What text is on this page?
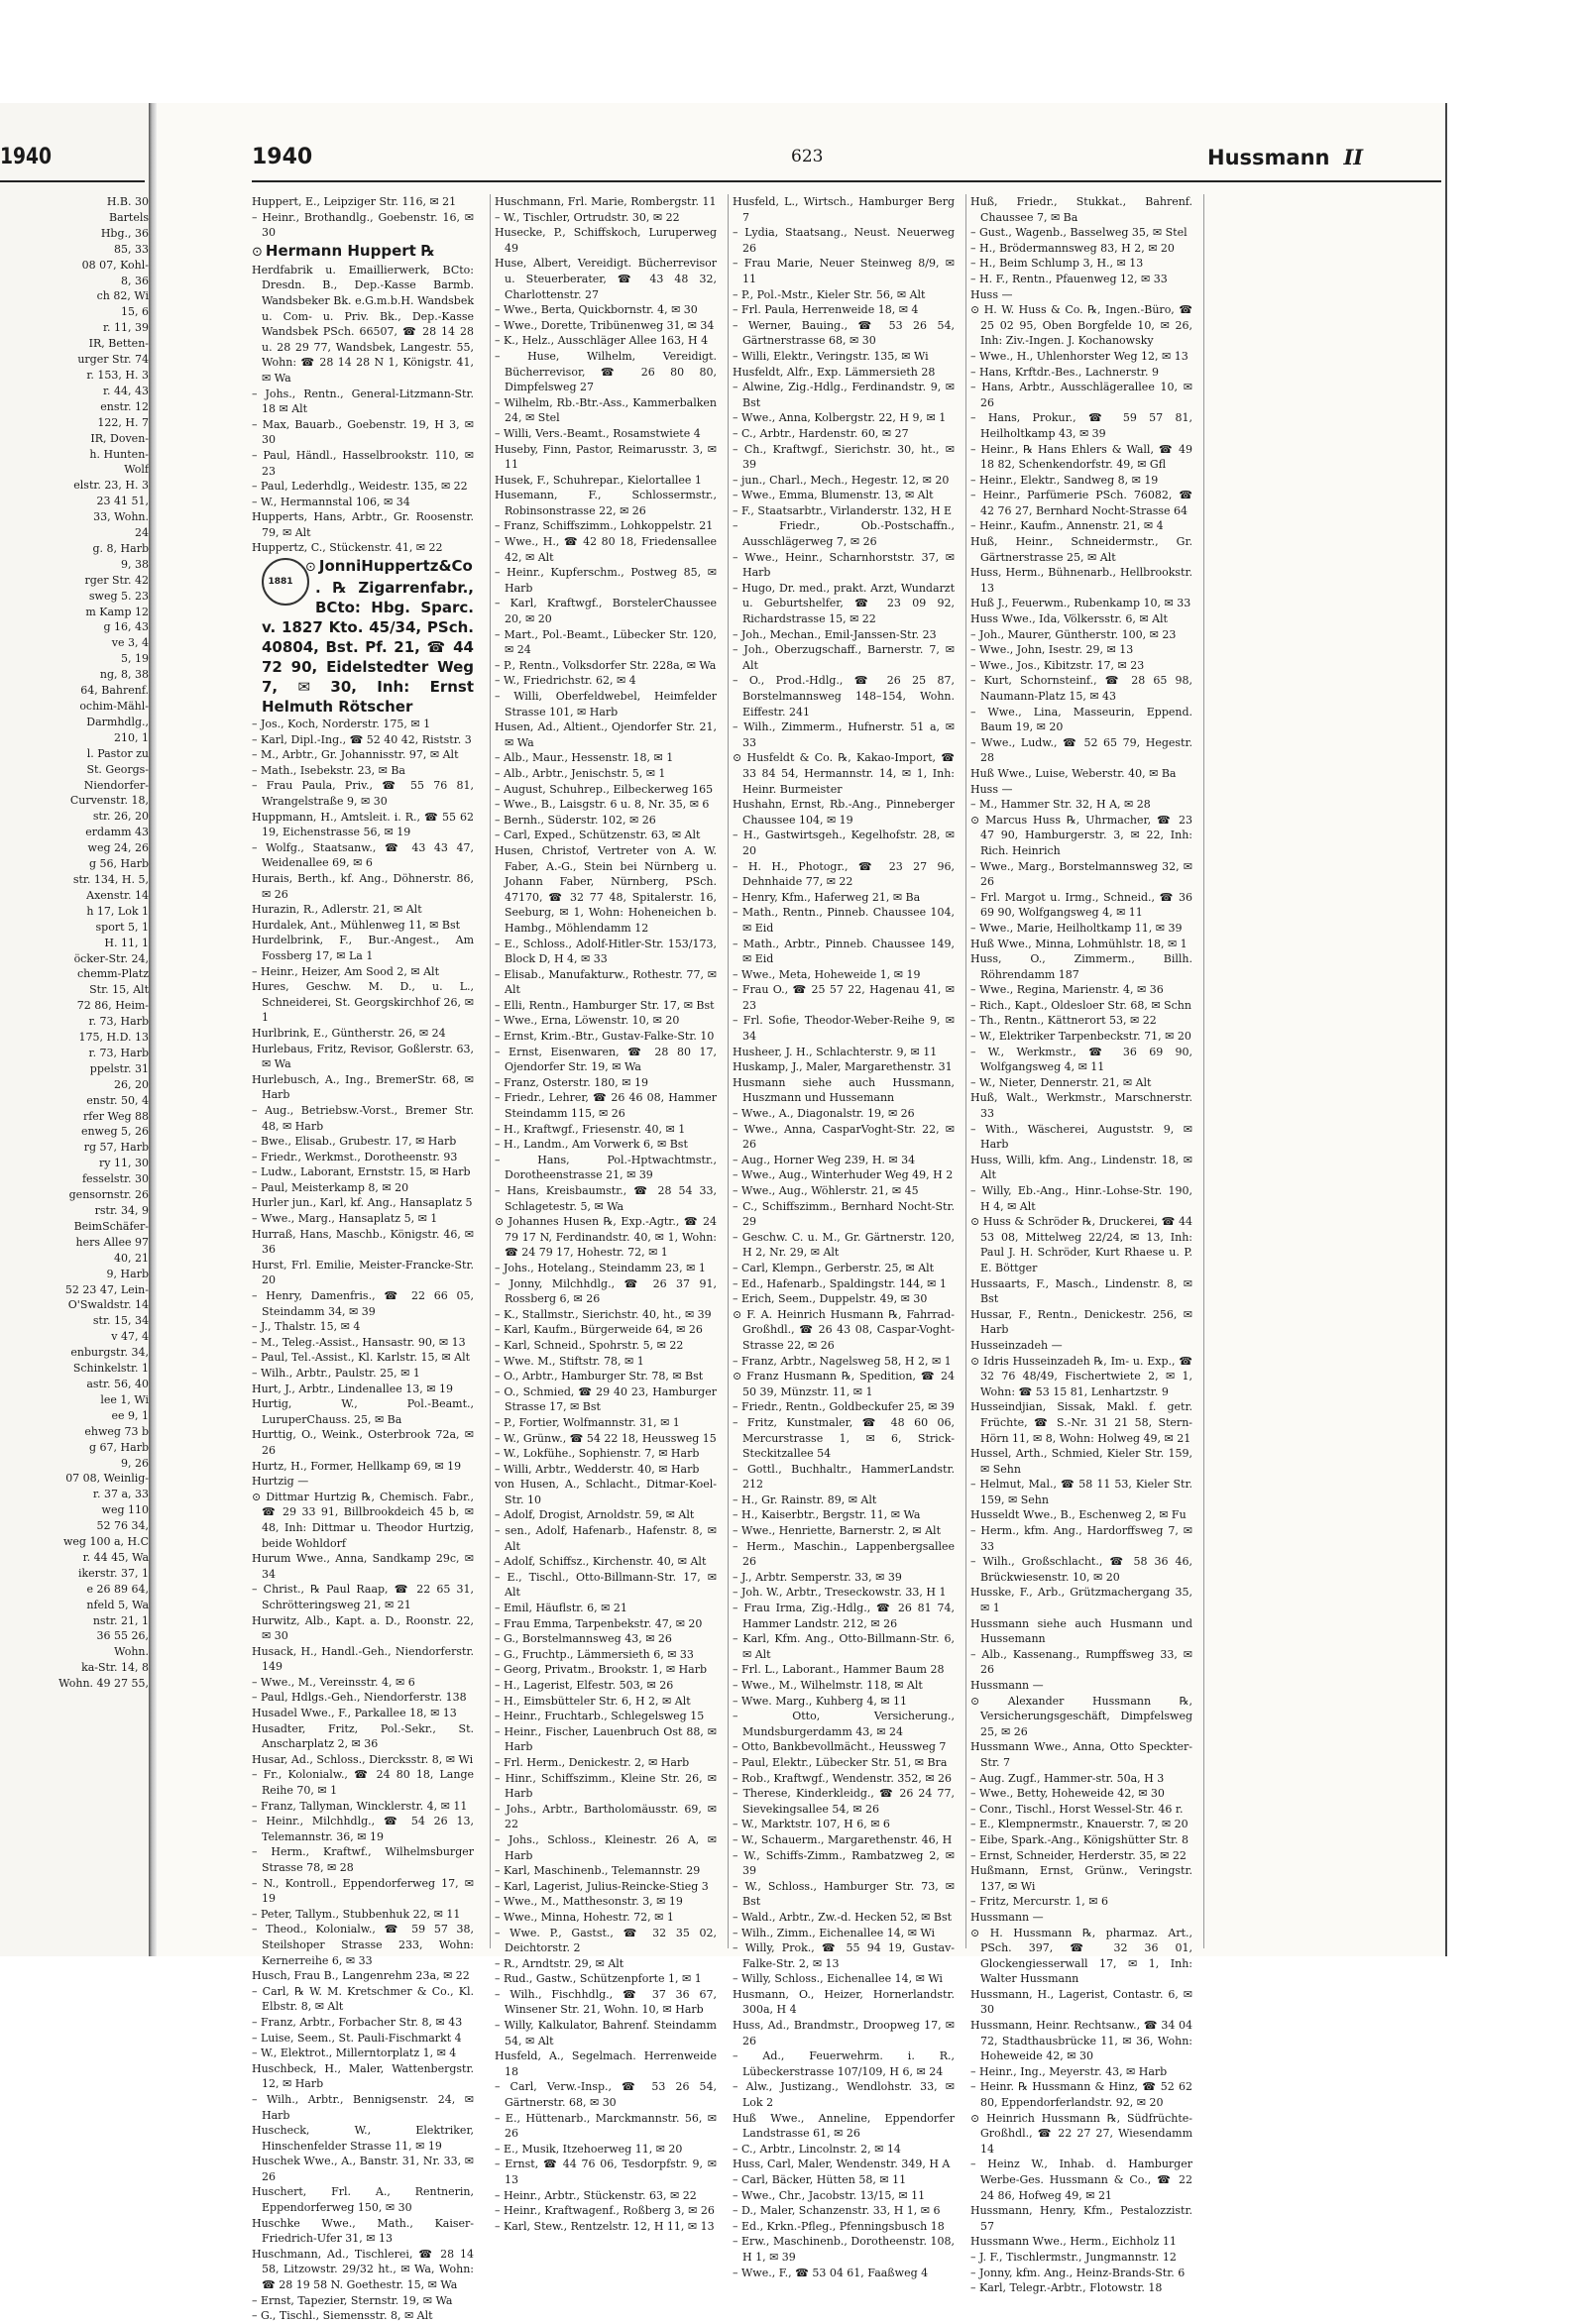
1940
H.B. 30
Bartels
Hbg., 36
85, 33
08 07, Kohl-
8, 36
ch 82, Wi
15, 6
r. 11, 39
IR, Betten-
urger Str. 74
r. 153, H. 3
r. 44, 43
enstr. 12
122, H. 7
IR, Doven-
h. Hunten-
Wolf
elstr. 23, H. 3
23 41 51,
33, Wohn.
24
g. 8, Harb
9, 38
rger Str. 42
sweg 5. 23
m Kamp 12
g 16, 43
ve 3, 4
5, 19
ng, 8, 38
64, Bahrenf.
ochim-Mähl-
Darmhdlg.,
210, 1
l. Pastor zu
St. Georgs-
Niendorfer-
Curvenstr. 18,
str. 26, 20
erdamm 43
weg 24, 26
g 56, Harb
str. 134, H. 5,
Axenstr. 14
h 17, Lok 1
sport 5, 1
H. 11, 1
öcker-Str. 24,
chemm-Platz
Str. 15, Alt
72 86, Heim-
r. 73, Harb
175, H.D. 13
r. 73, Harb
ppelstr. 31
26, 20
enstr. 50, 4
rfer Weg 88
enweg 5, 26
rg 57, Harb
ry 11, 30
fesselstr. 30
gensornstr. 26
rstr. 34, 9
BeimSchäfer-
hers Allee 97
40, 21
9, Harb
52 23 47, Lein-
O'Swaldstr. 14
str. 15, 34
v 47, 4
enburgstr. 34,
Schinkelstr. 1
astr. 56, 40
lee 1, Wi
ee 9, 1
ehweg 73 b
g 67, Harb
9, 26
07 08, Weinlig-
r. 37 a, 33
weg 110
52 76 34,
weg 100 a, H.C
r. 44 45, Wa
ikerstr. 37, 1
e 26 89 64,
nfeld 5, Wa
nstr. 21, 1
36 55 26,
Wohn.
ka-Str. 14, 8
Wohn. 49 27 55,
1940	623	Hussmann II

Huppert, E., Leipziger Str. 116, ✉ 21

– Heinr., Brothandlg., Goebenstr. 16, ✉ 30

⊙ Hermann Huppert ℞

Herdfabrik u. Emaillierwerk, BCto: Dresdn. B., Dep.-Kasse Barmb. Wandsbeker Bk. e.G.m.b.H. Wandsbek u. Com- u. Priv. Bk., Dep.-Kasse Wandsbek PSch. 66507, ☎ 28 14 28 u. 28 29 77, Wandsbek, Langestr. 55, Wohn: ☎ 28 14 28 N 1, Königstr. 41, ✉ Wa

– Johs., Rentn., General-Litzmann-Str. 18 ✉ Alt

– Max, Bauarb., Goebenstr. 19, H 3, ✉ 30

– Paul, Händl., Hasselbrookstr. 110, ✉ 23

– Paul, Lederhdlg., Weidestr. 135, ✉ 22

– W., Hermannstal 106, ✉ 34

Hupperts, Hans, Arbtr., Gr. Roosenstr. 79, ✉ Alt

Huppertz, C., Stückenstr. 41, ✉ 22

1881
⊙ JonniHuppertz&Co. ℞ Zigarrenfabr., BCto: Hbg. Sparc. v. 1827 Kto. 45/34, PSch. 40804, Bst. Pf. 21, ☎ 44 72 90, Eidelstedter Weg 7, ✉ 30, Inh: Ernst Helmuth Rötscher

– Jos., Koch, Norderstr. 175, ✉ 1

– Karl, Dipl.-Ing., ☎ 52 40 42, Riststr. 3

– M., Arbtr., Gr. Johannisstr. 97, ✉ Alt

– Math., Isebekstr. 23, ✉ Ba

– Frau Paula, Priv., ☎ 55 76 81, Wrangelstraße 9, ✉ 30

Huppmann, H., Amtsleit. i. R., ☎ 55 62 19, Eichenstrasse 56, ✉ 19

– Wolfg., Staatsanw., ☎ 43 43 47, Weidenallee 69, ✉ 6

Hurais, Berth., kf. Ang., Döhnerstr. 86, ✉ 26

Hurazin, R., Adlerstr. 21, ✉ Alt

Hurdalek, Ant., Mühlenweg 11, ✉ Bst

Hurdelbrink, F., Bur.-Angest., Am Fossberg 17, ✉ La 1

– Heinr., Heizer, Am Sood 2, ✉ Alt

Hures, Geschw. M. D., u. L., Schneiderei, St. Georgskirchhof 26, ✉ 1

Hurlbrink, E., Güntherstr. 26, ✉ 24

Hurlebaus, Fritz, Revisor, Goßlerstr. 63, ✉ Wa

Hurlebusch, A., Ing., BremerStr. 68, ✉ Harb

– Aug., Betriebsw.-Vorst., Bremer Str. 48, ✉ Harb

– Bwe., Elisab., Grubestr. 17, ✉ Harb

– Friedr., Werkmst., Dorotheenstr. 93

– Ludw., Laborant, Ernststr. 15, ✉ Harb

– Paul, Meisterkamp 8, ✉ 20

Hurler jun., Karl, kf. Ang., Hansaplatz 5

– Wwe., Marg., Hansaplatz 5, ✉ 1

Hurraß, Hans, Maschb., Königstr. 46, ✉ 36

Hurst, Frl. Emilie, Meister-Francke-Str. 20

– Henry, Damenfris., ☎ 22 66 05, Steindamm 34, ✉ 39

– J., Thalstr. 15, ✉ 4

– M., Teleg.-Assist., Hansastr. 90, ✉ 13

– Paul, Tel.-Assist., Kl. Karlstr. 15, ✉ Alt

– Wilh., Arbtr., Paulstr. 25, ✉ 1

Hurt, J., Arbtr., Lindenallee 13, ✉ 19

Hurtig, W., Pol.-Beamt., LuruperChauss. 25, ✉ Ba

Hurttig, O., Weink., Osterbrook 72a, ✉ 26

Hurtz, H., Former, Hellkamp 69, ✉ 19

Hurtzig —

⊙ Dittmar Hurtzig ℞, Chemisch. Fabr., ☎ 29 33 91, Billbrookdeich 45 b, ✉ 48, Inh: Dittmar u. Theodor Hurtzig, beide Wohldorf

Hurum Wwe., Anna, Sandkamp 29c, ✉ 34

– Christ., ℞ Paul Raap, ☎ 22 65 31, Schrötteringsweg 21, ✉ 21

Hurwitz, Alb., Kapt. a. D., Roonstr. 22, ✉ 30

Husack, H., Handl.-Geh., Niendorferstr. 149

– Wwe., M., Vereinsstr. 4, ✉ 6

– Paul, Hdlgs.-Geh., Niendorferstr. 138

Husadel Wwe., F., Parkallee 18, ✉ 13

Husadter, Fritz, Pol.-Sekr., St. Anscharplatz 2, ✉ 36

Husar, Ad., Schloss., Diercksstr. 8, ✉ Wi

– Fr., Kolonialw., ☎ 24 80 18, Lange Reihe 70, ✉ 1

– Franz, Tallyman, Wincklerstr. 4, ✉ 11

– Heinr., Milchhdlg., ☎ 54 26 13, Telemannstr. 36, ✉ 19

– Herm., Kraftwf., Wilhelmsburger Strasse 78, ✉ 28

– N., Kontroll., Eppendorferweg 17, ✉ 19

– Peter, Tallym., Stubbenhuk 22, ✉ 11

– Theod., Kolonialw., ☎ 59 57 38, Steilshoper Strasse 233, Wohn: Kernerreihe 6, ✉ 33

Husch, Frau B., Langenrehm 23a, ✉ 22

– Carl, ℞ W. M. Kretschmer & Co., Kl. Elbstr. 8, ✉ Alt

– Franz, Arbtr., Forbacher Str. 8, ✉ 43

– Luise, Seem., St. Pauli-Fischmarkt 4

– W., Elektrot., Millerntorplatz 1, ✉ 4

Huschbeck, H., Maler, Wattenbergstr. 12, ✉ Harb

– Wilh., Arbtr., Bennigsenstr. 24, ✉ Harb

Huscheck, W., Elektriker, Hinschenfelder Strasse 11, ✉ 19

Huschek Wwe., A., Banstr. 31, Nr. 33, ✉ 26

Huschert, Frl. A., Rentnerin, Eppendorferweg 150, ✉ 30

Huschke Wwe., Math., Kaiser-Friedrich-Ufer 31, ✉ 13

Huschmann, Ad., Tischlerei, ☎ 28 14 58, Litzowstr. 29/32 ht., ✉ Wa, Wohn: ☎ 28 19 58 N. Goethestr. 15, ✉ Wa

– Ernst, Tapezier, Sternstr. 19, ✉ Wa

– G., Tischl., Siemensstr. 8, ✉ Alt

Huschmann, Frl. Marie, Rombergstr. 11

– W., Tischler, Ortrudstr. 30, ✉ 22

Husecke, P., Schiffskoch, Luruperweg 49

Huse, Albert, Vereidigt. Bücherrevisor u. Steuerberater, ☎ 43 48 32, Charlottenstr. 27

– Wwe., Berta, Quickbornstr. 4, ✉ 30

– Wwe., Dorette, Tribünenweg 31, ✉ 34

– K., Helz., Ausschläger Allee 163, H 4

– Huse, Wilhelm, Vereidigt. Bücherrevisor, ☎ 26 80 80, Dimpfelsweg 27

– Wilhelm, Rb.-Btr.-Ass., Kammerbalken 24, ✉ Stel

– Willi, Vers.-Beamt., Rosamstwiete 4

Huseby, Finn, Pastor, Reimarusstr. 3, ✉ 11

Husek, F., Schuhrepar., Kielortallee 1

Husemann, F., Schlossermstr., Robinsonstrasse 22, ✉ 26

– Franz, Schiffszimm., Lohkoppelstr. 21

– Wwe., H., ☎ 42 80 18, Friedensallee 42, ✉ Alt

– Heinr., Kupferschm., Postweg 85, ✉ Harb

– Karl, Kraftwgf., BorstelerChaussee 20, ✉ 20

– Mart., Pol.-Beamt., Lübecker Str. 120, ✉ 24

– P., Rentn., Volksdorfer Str. 228a, ✉ Wa

– W., Friedrichstr. 62, ✉ 4

– Willi, Oberfeldwebel, Heimfelder Strasse 101, ✉ Harb

Husen, Ad., Altient., Ojendorfer Str. 21, ✉ Wa

– Alb., Maur., Hessenstr. 18, ✉ 1

– Alb., Arbtr., Jenischstr. 5, ✉ 1

– August, Schuhrep., Eilbeckerweg 165

– Wwe., B., Laisgstr. 6 u. 8, Nr. 35, ✉ 6

– Bernh., Süderstr. 102, ✉ 26

– Carl, Exped., Schützenstr. 63, ✉ Alt

Husen, Christof, Vertreter von A. W. Faber, A.-G., Stein bei Nürnberg u. Johann Faber, Nürnberg, PSch. 47170, ☎ 32 77 48, Spitalerstr. 16, Seeburg, ✉ 1, Wohn: Hoheneichen b. Hambg., Möhlendamm 12

– E., Schloss., Adolf-Hitler-Str. 153/173, Block D, H 4, ✉ 33

– Elisab., Manufakturw., Rothestr. 77, ✉ Alt

– Elli, Rentn., Hamburger Str. 17, ✉ Bst

– Wwe., Erna, Löwenstr. 10, ✉ 20

– Ernst, Krim.-Btr., Gustav-Falke-Str. 10

– Ernst, Eisenwaren, ☎ 28 80 17, Ojendorfer Str. 19, ✉ Wa

– Franz, Osterstr. 180, ✉ 19

– Friedr., Lehrer, ☎ 26 46 08, Hammer Steindamm 115, ✉ 26

– H., Kraftwgf., Friesenstr. 40, ✉ 1

– H., Landm., Am Vorwerk 6, ✉ Bst

– Hans, Pol.-Hptwachtmstr., Dorotheenstrasse 21, ✉ 39

– Hans, Kreisbaumstr., ☎ 28 54 33, Schlagetestr. 5, ✉ Wa

⊙ Johannes Husen ℞, Exp.-Agtr., ☎ 24 79 17 N, Ferdinandstr. 40, ✉ 1, Wohn: ☎ 24 79 17, Hohestr. 72, ✉ 1

– Johs., Hotelang., Steindamm 23, ✉ 1

– Jonny, Milchhdlg., ☎ 26 37 91, Rossberg 6, ✉ 26

– K., Stallmstr., Sierichstr. 40, ht., ✉ 39

– Karl, Kaufm., Bürgerweide 64, ✉ 26

– Karl, Schneid., Spohrstr. 5, ✉ 22

– Wwe. M., Stiftstr. 78, ✉ 1

– O., Arbtr., Hamburger Str. 78, ✉ Bst

– O., Schmied, ☎ 29 40 23, Hamburger Strasse 17, ✉ Bst

– P., Fortier, Wolfmannstr. 31, ✉ 1

– W., Grünw., ☎ 54 22 18, Heussweg 15

– W., Lokfühe., Sophienstr. 7, ✉ Harb

– Willi, Arbtr., Wedderstr. 40, ✉ Harb

von Husen, A., Schlacht., Ditmar-Koel-Str. 10

– Adolf, Drogist, Arnoldstr. 59, ✉ Alt

– sen., Adolf, Hafenarb., Hafenstr. 8, ✉ Alt

– Adolf, Schiffsz., Kirchenstr. 40, ✉ Alt

– E., Tischl., Otto-Billmann-Str. 17, ✉ Alt

– Emil, Häuflstr. 6, ✉ 21

– Frau Emma, Tarpenbekstr. 47, ✉ 20

– G., Borstelmannsweg 43, ✉ 26

– G., Fruchtp., Lämmersieth 6, ✉ 33

– Georg, Privatm., Brookstr. 1, ✉ Harb

– H., Lagerist, Elfestr. 503, ✉ 26

– H., Eimsbütteler Str. 6, H 2, ✉ Alt

– Heinr., Fruchtarb., Schlegelsweg 15

– Heinr., Fischer, Lauenbruch Ost 88, ✉ Harb

– Frl. Herm., Denickestr. 2, ✉ Harb

– Hinr., Schiffszimm., Kleine Str. 26, ✉ Harb

– Johs., Arbtr., Bartholomäusstr. 69, ✉ 22

– Johs., Schloss., Kleinestr. 26 A, ✉ Harb

– Karl, Maschinenb., Telemannstr. 29

– Karl, Lagerist, Julius-Reincke-Stieg 3

– Wwe., M., Matthesonstr. 3, ✉ 19

– Wwe., Minna, Hohestr. 72, ✉ 1

– Wwe. P., Gastst., ☎ 32 35 02, Deichtorstr. 2

– R., Arndtstr. 29, ✉ Alt

– Rud., Gastw., Schützenpforte 1, ✉ 1

– Wilh., Fischhdlg., ☎ 37 36 67, Winsener Str. 21, Wohn. 10, ✉ Harb

– Willy, Kalkulator, Bahrenf. Steindamm 54, ✉ Alt

Husfeld, A., Segelmach. Herrenweide 18

– Carl, Verw.-Insp., ☎ 53 26 54, Gärtnerstr. 68, ✉ 30

– E., Hüttenarb., Marckmannstr. 56, ✉ 26

– E., Musik, Itzehoerweg 11, ✉ 20

– Ernst, ☎ 44 76 06, Tesdorpfstr. 9, ✉ 13

– Heinr., Arbtr., Stückenstr. 63, ✉ 22

– Heinr., Kraftwagenf., Roßberg 3, ✉ 26

– Karl, Stew., Rentzelstr. 12, H 11, ✉ 13

Husfeld, L., Wirtsch., Hamburger Berg 7

– Lydia, Staatsang., Neust. Neuerweg 26

– Frau Marie, Neuer Steinweg 8/9, ✉ 11

– P., Pol.-Mstr., Kieler Str. 56, ✉ Alt

– Frl. Paula, Herrenweide 18, ✉ 4

– Werner, Bauing., ☎ 53 26 54, Gärtnerstrasse 68, ✉ 30

– Willi, Elektr., Veringstr. 135, ✉ Wi

Husfeldt, Alfr., Exp. Lämmersieth 28

– Alwine, Zig.-Hdlg., Ferdinandstr. 9, ✉ Bst

– Wwe., Anna, Kolbergstr. 22, H 9, ✉ 1

– C., Arbtr., Hardenstr. 60, ✉ 27

– Ch., Kraftwgf., Sierichstr. 30, ht., ✉ 39

– jun., Charl., Mech., Hegestr. 12, ✉ 20

– Wwe., Emma, Blumenstr. 13, ✉ Alt

– F., Staatsarbtr., Virlanderstr. 132, H E

– Friedr., Ob.-Postschaffn., Ausschlägerweg 7, ✉ 26

– Wwe., Heinr., Scharnhorststr. 37, ✉ Harb

– Hugo, Dr. med., prakt. Arzt, Wundarzt u. Geburtshelfer, ☎ 23 09 92, Richardstrasse 15, ✉ 22

– Joh., Mechan., Emil-Janssen-Str. 23

– Joh., Oberzugschaff., Barnerstr. 7, ✉ Alt

– O., Prod.-Hdlg., ☎ 26 25 87, Borstelmannsweg 148–154, Wohn. Eiffestr. 241

– Wilh., Zimmerm., Hufnerstr. 51 a, ✉ 33

⊙ Husfeldt & Co. ℞, Kakao-Import, ☎ 33 84 54, Hermannstr. 14, ✉ 1, Inh: Heinr. Burmeister

Hushahn, Ernst, Rb.-Ang., Pinneberger Chaussee 104, ✉ 19

– H., Gastwirtsgeh., Kegelhofstr. 28, ✉ 20

– H. H., Photogr., ☎ 23 27 96, Dehnhaide 77, ✉ 22

– Henry, Kfm., Haferweg 21, ✉ Ba

– Math., Rentn., Pinneb. Chaussee 104, ✉ Eid

– Math., Arbtr., Pinneb. Chaussee 149, ✉ Eid

– Wwe., Meta, Hoheweide 1, ✉ 19

– Frau O., ☎ 25 57 22, Hagenau 41, ✉ 23

– Frl. Sofie, Theodor-Weber-Reihe 9, ✉ 34

Husheer, J. H., Schlachterstr. 9, ✉ 11

Huskamp, J., Maler, Margarethenstr. 31

Husmann siehe auch Hussmann, Huszmann und Hussemann

– Wwe., A., Diagonalstr. 19, ✉ 26

– Wwe., Anna, CasparVoght-Str. 22, ✉ 26

– Aug., Horner Weg 239, H. ✉ 34

– Wwe., Aug., Winterhuder Weg 49, H 2

– Wwe., Aug., Wöhlerstr. 21, ✉ 45

– C., Schiffszimm., Bernhard Nocht-Str. 29

– Geschw. C. u. M., Gr. Gärtnerstr. 120, H 2, Nr. 29, ✉ Alt

– Carl, Klempn., Gerberstr. 25, ✉ Alt

– Ed., Hafenarb., Spaldingstr. 144, ✉ 1

– Erich, Seem., Duppelstr. 49, ✉ 30

⊙ F. A. Heinrich Husmann ℞, Fahrrad-Großhdl., ☎ 26 43 08, Caspar-Voght-Strasse 22, ✉ 26

– Franz, Arbtr., Nagelsweg 58, H 2, ✉ 1

⊙ Franz Husmann ℞, Spedition, ☎ 24 50 39, Münzstr. 11, ✉ 1

– Friedr., Rentn., Goldbeckufer 25, ✉ 39

– Fritz, Kunstmaler, ☎ 48 60 06, Mercurstrasse 1, ✉ 6, Strick-Steckitzallee 54

– Gottl., Buchhaltr., HammerLandstr. 212

– H., Gr. Rainstr. 89, ✉ Alt

– H., Kaiserbtr., Bergstr. 11, ✉ Wa

– Wwe., Henriette, Barnerstr. 2, ✉ Alt

– Herm., Maschin., Lappenbergsallee 26

– J., Arbtr. Semperstr. 33, ✉ 39

– Joh. W., Arbtr., Treseckowstr. 33, H 1

– Frau Irma, Zig.-Hdlg., ☎ 26 81 74, Hammer Landstr. 212, ✉ 26

– Karl, Kfm. Ang., Otto-Billmann-Str. 6, ✉ Alt

– Frl. L., Laborant., Hammer Baum 28

– Wwe., M., Wilhelmstr. 118, ✉ Alt

– Wwe. Marg., Kuhberg 4, ✉ 11

– Otto, Versicherung., Mundsburgerdamm 43, ✉ 24

– Otto, Bankbevollmächt., Heussweg 7

– Paul, Elektr., Lübecker Str. 51, ✉ Bra

– Rob., Kraftwgf., Wendenstr. 352, ✉ 26

– Therese, Kinderkleidg., ☎ 26 24 77, Sievekingsallee 54, ✉ 26

– W., Marktstr. 107, H 6, ✉ 6

– W., Schauerm., Margarethenstr. 46, H

– W., Schiffs-Zimm., Rambatzweg 2, ✉ 39

– W., Schloss., Hamburger Str. 73, ✉ Bst

– Wald., Arbtr., Zw.-d. Hecken 52, ✉ Bst

– Wilh., Zimm., Eichenallee 14, ✉ Wi

– Willy, Prok., ☎ 55 94 19, Gustav-Falke-Str. 2, ✉ 13

– Willy, Schloss., Eichenallee 14, ✉ Wi

Husmann, O., Heizer, Hornerlandstr. 300a, H 4

Huss, Ad., Brandmstr., Droopweg 17, ✉ 26

– Ad., Feuerwehrm. i. R., Lübeckerstrasse 107/109, H 6, ✉ 24

– Alw., Justizang., Wendlohstr. 33, ✉ Lok 2

Huß Wwe., Anneline, Eppendorfer Landstrasse 61, ✉ 26

– C., Arbtr., Lincolnstr. 2, ✉ 14

Huss, Carl, Maler, Wendenstr. 349, H A

– Carl, Bäcker, Hütten 58, ✉ 11

– Wwe., Chr., Jacobstr. 13/15, ✉ 11

– D., Maler, Schanzenstr. 33, H 1, ✉ 6

– Ed., Krkn.-Pfleg., Pfenningsbusch 18

– Erw., Maschinenb., Dorotheenstr. 108, H 1, ✉ 39

– Wwe., F., ☎ 53 04 61, Faaßweg 4

Huß, Friedr., Stukkat., Bahrenf. Chaussee 7, ✉ Ba

– Gust., Wagenb., Basselweg 35, ✉ Stel

– H., Brödermannsweg 83, H 2, ✉ 20

– H., Beim Schlump 3, H., ✉ 13

– H. F., Rentn., Pfauenweg 12, ✉ 33

Huss —

⊙ H. W. Huss & Co. ℞, Ingen.-Büro, ☎ 25 02 95, Oben Borgfelde 10, ✉ 26, Inh: Ziv.-Ingen. J. Kochanowsky

– Wwe., H., Uhlenhorster Weg 12, ✉ 13

– Hans, Krftdr.-Bes., Lachnerstr. 9

– Hans, Arbtr., Ausschlägerallee 10, ✉ 26

– Hans, Prokur., ☎ 59 57 81, Heilholtkamp 43, ✉ 39

– Heinr., ℞ Hans Ehlers & Wall, ☎ 49 18 82, Schenkendorfstr. 49, ✉ Gfl

– Heinr., Elektr., Sandweg 8, ✉ 19

– Heinr., Parfümerie PSch. 76082, ☎ 42 76 27, Bernhard Nocht-Strasse 64

– Heinr., Kaufm., Annenstr. 21, ✉ 4

Huß, Heinr., Schneidermstr., Gr. Gärtnerstrasse 25, ✉ Alt

Huss, Herm., Bühnenarb., Hellbrookstr. 13

Huß J., Feuerwm., Rubenkamp 10, ✉ 33

Huss Wwe., Ida, Völkersstr. 6, ✉ Alt

– Joh., Maurer, Güntherstr. 100, ✉ 23

– Wwe., John, Isestr. 29, ✉ 13

– Wwe., Jos., Kibitzstr. 17, ✉ 23

– Kurt, Schornsteinf., ☎ 28 65 98, Naumann-Platz 15, ✉ 43

– Wwe., Lina, Masseurin, Eppend. Baum 19, ✉ 20

– Wwe., Ludw., ☎ 52 65 79, Hegestr. 28

Huß Wwe., Luise, Weberstr. 40, ✉ Ba

Huss —

– M., Hammer Str. 32, H A, ✉ 28

⊙ Marcus Huss ℞, Uhrmacher, ☎ 23 47 90, Hamburgerstr. 3, ✉ 22, Inh: Rich. Heinrich

– Wwe., Marg., Borstelmannsweg 32, ✉ 26

– Frl. Margot u. Irmg., Schneid., ☎ 36 69 90, Wolfgangsweg 4, ✉ 11

– Wwe., Marie, Heilholtkamp 11, ✉ 39

Huß Wwe., Minna, Lohmühlstr. 18, ✉ 1

Huss, O., Zimmerm., Billh. Röhrendamm 187

– Wwe., Regina, Marienstr. 4, ✉ 36

– Rich., Kapt., Oldesloer Str. 68, ✉ Schn

– Th., Rentn., Kättnerort 53, ✉ 22

– W., Elektriker Tarpenbeckstr. 71, ✉ 20

– W., Werkmstr., ☎ 36 69 90, Wolfgangsweg 4, ✉ 11

– W., Nieter, Dennerstr. 21, ✉ Alt

Huß, Walt., Werkmstr., Marschnerstr. 33

– With., Wäscherei, Auguststr. 9, ✉ Harb

Huss, Willi, kfm. Ang., Lindenstr. 18, ✉ Alt

– Willy, Eb.-Ang., Hinr.-Lohse-Str. 190, H 4, ✉ Alt

⊙ Huss & Schröder ℞, Druckerei, ☎ 44 53 08, Mittelweg 22/24, ✉ 13, Inh: Paul J. H. Schröder, Kurt Rhaese u. P. E. Böttger

Hussaarts, F., Masch., Lindenstr. 8, ✉ Bst

Hussar, F., Rentn., Denickestr. 256, ✉ Harb

Husseinzadeh —

⊙ Idris Husseinzadeh ℞, Im- u. Exp., ☎ 32 76 48/49, Fischertwiete 2, ✉ 1, Wohn: ☎ 53 15 81, Lenhartzstr. 9

Husseindjian, Sissak, Makl. f. getr. Früchte, ☎ S.-Nr. 31 21 58, Stern-Hörn 11, ✉ 8, Wohn: Holweg 49, ✉ 21

Hussel, Arth., Schmied, Kieler Str. 159, ✉ Sehn

– Helmut, Mal., ☎ 58 11 53, Kieler Str. 159, ✉ Sehn

Husseldt Wwe., B., Eschenweg 2, ✉ Fu

– Herm., kfm. Ang., Hardorffsweg 7, ✉ 33

– Wilh., Großschlacht., ☎ 58 36 46, Brückwiesenstr. 10, ✉ 20

Husske, F., Arb., Grützmachergang 35, ✉ 1

Hussmann siehe auch Husmann und Hussemann

– Alb., Kassenang., Rumpffsweg 33, ✉ 26

Hussmann —

⊙ Alexander Hussmann ℞, Versicherungsgeschäft, Dimpfelsweg 25, ✉ 26

Hussmann Wwe., Anna, Otto Speckter-Str. 7

– Aug. Zugf., Hammer-str. 50a, H 3

– Wwe., Betty, Hoheweide 42, ✉ 30

– Conr., Tischl., Horst Wessel-Str. 46 r.

– E., Klempnermstr., Knauerstr. 7, ✉ 20

– Eibe, Spark.-Ang., Königshütter Str. 8

– Ernst, Schneider, Herderstr. 35, ✉ 22

Hußmann, Ernst, Grünw., Veringstr. 137, ✉ Wi

– Fritz, Mercurstr. 1, ✉ 6

Hussmann —

⊙ H. Hussmann ℞, pharmaz. Art., PSch. 397, ☎ 32 36 01, Glockengiesserwall 17, ✉ 1, Inh: Walter Hussmann

Hussmann, H., Lagerist, Contastr. 6, ✉ 30

Hussmann, Heinr. Rechtsanw., ☎ 34 04 72, Stadthausbrücke 11, ✉ 36, Wohn: Hoheweide 42, ✉ 30

– Heinr., Ing., Meyerstr. 43, ✉ Harb

– Heinr. ℞ Hussmann & Hinz, ☎ 52 62 80, Eppendorferlandstr. 92, ✉ 20

⊙ Heinrich Hussmann ℞, Südfrüchte-Großhdl., ☎ 22 27 27, Wiesendamm 14

– Heinz W., Inhab. d. Hamburger Werbe-Ges. Hussmann & Co., ☎ 22 24 86, Hofweg 49, ✉ 21

Hussmann, Henry, Kfm., Pestalozzistr. 57

Hussmann Wwe., Herm., Eichholz 11

– J. F., Tischlermstr., Jungmannstr. 12

– Jonny, kfm. Ang., Heinz-Brands-Str. 6

– Karl, Telegr.-Arbtr., Flotowstr. 18
